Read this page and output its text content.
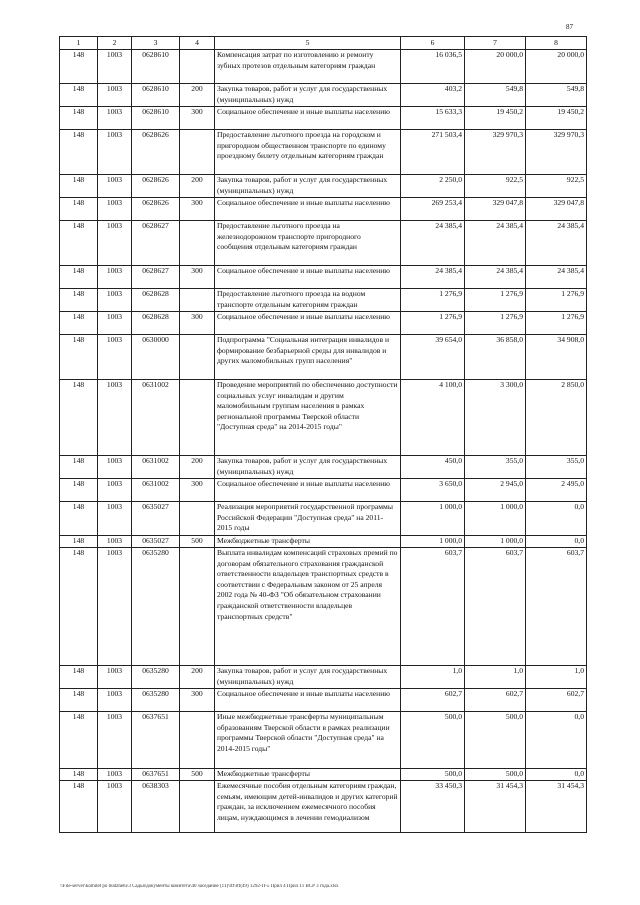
87
1	2	3	4	5	6	7	8
148	1003	0628610		Компенсация затрат по изготовлению и ремонту зубных протезов отдельным категориям граждан	16 036,5	20 000,0	20 000,0
148	1003	0628610	200	Закупка товаров, работ и услуг для государственных (муниципальных) нужд	403,2	549,8	549,8
148	1003	0628610	300	Социальное обеспечение и иные выплаты населению	15 633,3	19 450,2	19 450,2
148	1003	0628626		Предоставление льготного проезда на городском и пригородном общественном транспорте по единому проездному билету отдельным категориям граждан	271 503,4	329 970,3	329 970,3
148	1003	0628626	200	Закупка товаров, работ и услуг для государственных (муниципальных) нужд	2 250,0	922,5	922,5
148	1003	0628626	300	Социальное обеспечение и иные выплаты населению	269 253,4	329 047,8	329 047,8
148	1003	0628627		Предоставление льготного проезда на железнодорожном транспорте пригородного сообщения отдельным категориям граждан	24 385,4	24 385,4	24 385,4
148	1003	0628627	300	Социальное обеспечение и иные выплаты населению	24 385,4	24 385,4	24 385,4
148	1003	0628628		Предоставление льготного проезда на водном транспорте отдельным категориям граждан	1 276,9	1 276,9	1 276,9
148	1003	0628628	300	Социальное обеспечение и иные выплаты населению	1 276,9	1 276,9	1 276,9
148	1003	0630000		Подпрограмма "Социальная интеграция инвалидов и формирование безбарьерной среды для инвалидов и других маломобильных групп населения"	39 654,0	36 858,0	34 908,0
148	1003	0631002		Проведение мероприятий по обеспечению доступности социальных услуг инвалидам и другим маломобильным группам населения в рамках региональной программы Тверской области "Доступная среда" на 2014-2015 годы"	4 100,0	3 300,0	2 850,0
148	1003	0631002	200	Закупка товаров, работ и услуг для государственных (муниципальных) нужд	450,0	355,0	355,0
148	1003	0631002	300	Социальное обеспечение и иные выплаты населению	3 650,0	2 945,0	2 495,0
148	1003	0635027		Реализация мероприятий государственной программы Российской Федерации "Доступная среда" на 2011-2015 годы	1 000,0	1 000,0	0,0
148	1003	0635027	500	Межбюджетные трансферты	1 000,0	1 000,0	0,0
148	1003	0635280		Выплата инвалидам компенсаций страховых премий по договорам обязательного страхования гражданской ответственности владельцев транспортных средств в соответствии с Федеральным законом от 25 апреля 2002 года № 40-ФЗ "Об обязательном страховании гражданской ответственности владельцев транспортных средств"	603,7	603,7	603,7
148	1003	0635280	200	Закупка товаров, работ и услуг для государственных (муниципальных) нужд	1,0	1,0	1,0
148	1003	0635280	300	Социальное обеспечение и иные выплаты населению	602,7	602,7	602,7
148	1003	0637651		Иные межбюджетные трансферты муниципальным образованиям Тверской области в рамках реализации программы Тверской области "Доступная среда" на 2014-2015 годы"	500,0	500,0	0,0
148	1003	0637651	500	Межбюджетные трансферты	500,0	500,0	0,0
148	1003	0638303		Ежемесячные пособия отдельным категориям граждан, семьям, имеющим детей-инвалидов и других категорий граждан, за исключением ежемесячного пособия лицам, нуждающимся в лечении гемодиализом	33 450,3	31 454,3	31 454,3
\\File-server\komitet po budzhetu\3 Садья\документы комитета\40 заседание (11)\rtf\rtf(49) 1292-П-5 Прил 4 Прил 11 ВСР 3 года.xlsx
